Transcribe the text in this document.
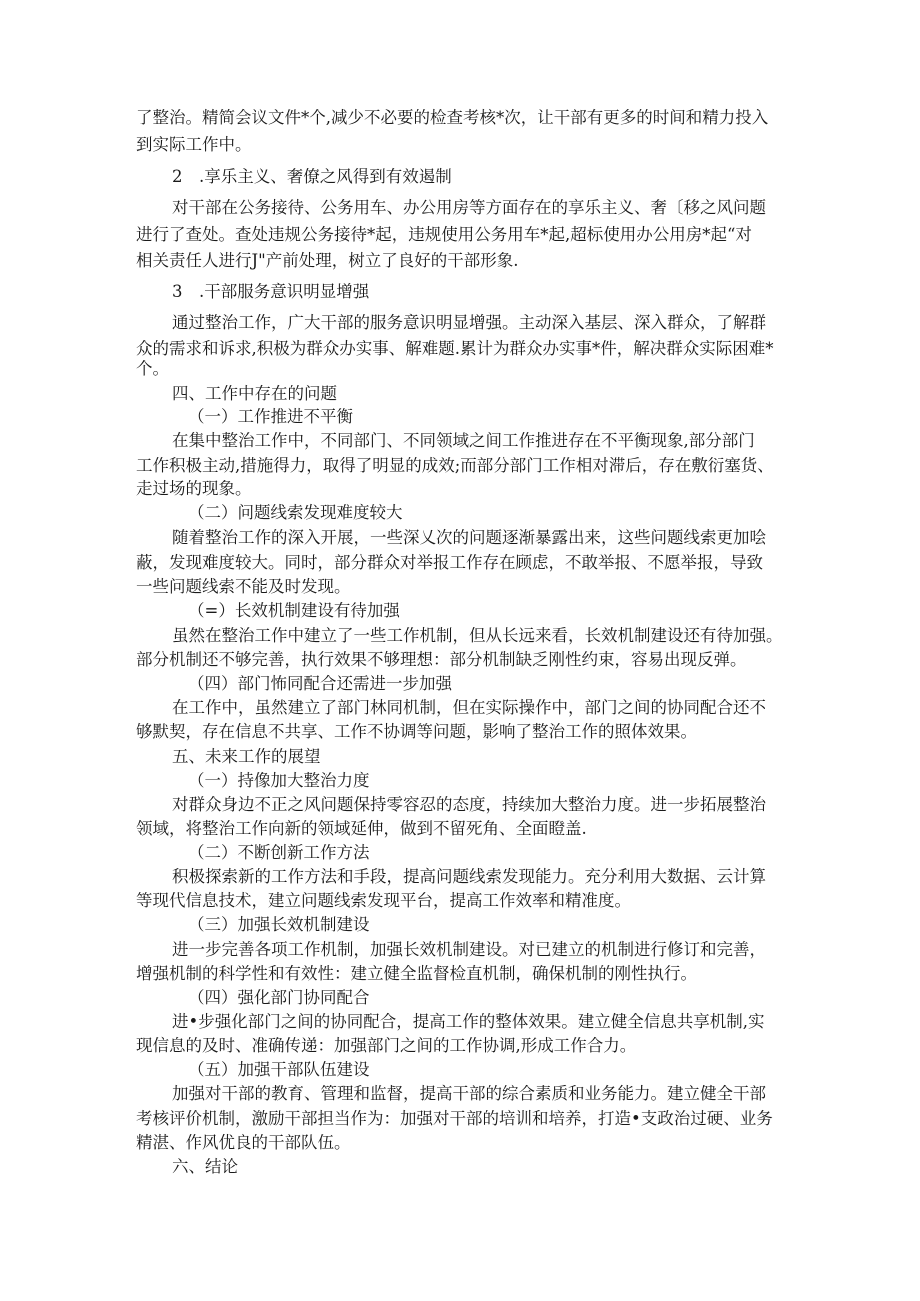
了整治。精简会议文件*个,减少不必要的检查考核*次，让干部有更多的时间和精力投入
到实际工作中。
2　.享乐主义、奢僚之风得到有效遏制
对干部在公务接待、公务用车、办公用房等方面存在的享乐主义、奢〔移之风问题
进行了查处。查处违规公务接待*起，违规使用公务用车*起,超标使用办公用房*起“对
相关责任人进行J"产前处理，树立了良好的干部形象.
3　.干部服务意识明显增强
通过整治工作，广大干部的服务意识明显增强。主动深入基层、深入群众，了解群
众的需求和诉求,积极为群众办实事、解难题.累计为群众办实事*件，解决群众实际困难*
个。
四、工作中存在的问题
（一）工作推进不平衡
在集中整治工作中，不同部门、不同领域之间工作推进存在不平衡现象,部分部门
工作积极主动,措施得力，取得了明显的成效;而部分部门工作相对滞后，存在敷衍塞货、
走过场的现象。
（二）问题线索发现难度较大
随着整治工作的深入开展，一些深乂次的问题逐渐暴露出来，这些问题线索更加哙
蔽，发现难度较大。同时，部分群众对举报工作存在顾虑，不敢举报、不愿举报，导致
一些问题线索不能及时发现。
（=）长效机制建设有待加强
虽然在整治工作中建立了一些工作机制，但从长远来看，长效机制建设还有待加强。
部分机制还不够完善，执行效果不够理想：部分机制缺乏刚性约束，容易出现反弹。
（四）部门怖同配合还需进一步加强
在工作中，虽然建立了部门林同机制，但在实际操作中，部门之间的协同配合还不
够默契，存在信息不共享、工作不协调等问题，影响了整治工作的照体效果。
五、未来工作的展望
（一）持像加大整治力度
对群众身边不正之风问题保持零容忍的态度，持续加大整治力度。进一步拓展整治
领域，将整治工作向新的领域延伸，做到不留死角、全面瞪盖.
（二）不断创新工作方法
积极探索新的工作方法和手段，提高问题线索发现能力。充分利用大数据、云计算
等现代信息技术，建立问题线索发现平台，提高工作效率和精准度。
（三）加强长效机制建设
进一步完善各项工作机制，加强长效机制建设。对已建立的机制进行修订和完善，
增强机制的科学性和有效性：建立健全监督检直机制，确保机制的刚性执行。
（四）强化部门协同配合
进•步强化部门之间的协同配合，提高工作的整体效果。建立健全信息共享机制,实
现信息的及时、准确传递：加强部门之间的工作协调,形成工作合力。
（五）加强干部队伍建设
加强对干部的教育、管理和监督，提高干部的综合素质和业务能力。建立健全干部
考核评价机制，激励干部担当作为：加强对干部的培训和培养，打造•支政治过硬、业务
精湛、作风优良的干部队伍。
六、结论
